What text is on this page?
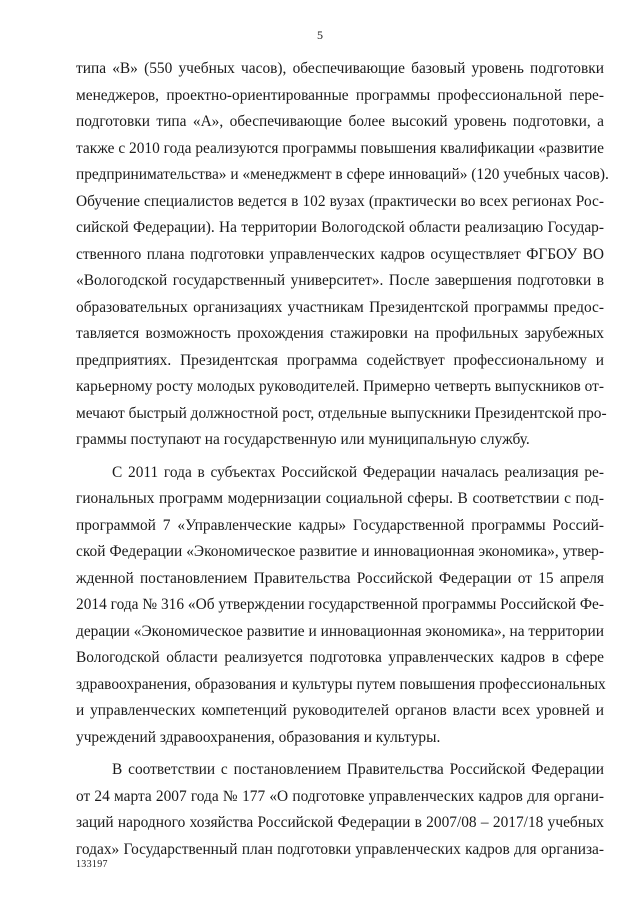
5
типа «В» (550 учебных часов), обеспечивающие базовый уровень подготовки
менеджеров, проектно-ориентированные программы профессиональной пере-
подготовки типа «А», обеспечивающие более высокий уровень подготовки, а
также с 2010 года реализуются программы повышения квалификации «развитие
предпринимательства» и «менеджмент в сфере инноваций» (120 учебных часов).
Обучение специалистов ведется в 102 вузах (практически во всех регионах Рос-
сийской Федерации). На территории Вологодской области реализацию Государ-
ственного плана подготовки управленческих кадров осуществляет ФГБОУ ВО
«Вологодской государственный университет». После завершения подготовки в
образовательных организациях участникам Президентской программы предос-
тавляется возможность прохождения стажировки на профильных зарубежных
предприятиях. Президентская программа содействует профессиональному и
карьерному росту молодых руководителей. Примерно четверть выпускников от-
мечают быстрый должностной рост, отдельные выпускники Президентской про-
граммы поступают на государственную или муниципальную службу.
С 2011 года в субъектах Российской Федерации началась реализация ре-
гиональных программ модернизации социальной сферы. В соответствии с под-
программой 7 «Управленческие кадры» Государственной программы Россий-
ской Федерации «Экономическое развитие и инновационная экономика», утвер-
жденной постановлением Правительства Российской Федерации от 15 апреля
2014 года № 316 «Об утверждении государственной программы Российской Фе-
дерации «Экономическое развитие и инновационная экономика», на территории
Вологодской области реализуется подготовка управленческих кадров в сфере
здравоохранения, образования и культуры путем повышения профессиональных
и управленческих компетенций руководителей органов власти всех уровней и
учреждений здравоохранения, образования и культуры.
В соответствии с постановлением Правительства Российской Федерации
от 24 марта 2007 года № 177 «О подготовке управленческих кадров для органи-
заций народного хозяйства Российской Федерации в 2007/08 – 2017/18 учебных
годах» Государственный план подготовки управленческих кадров для организа-
133197
